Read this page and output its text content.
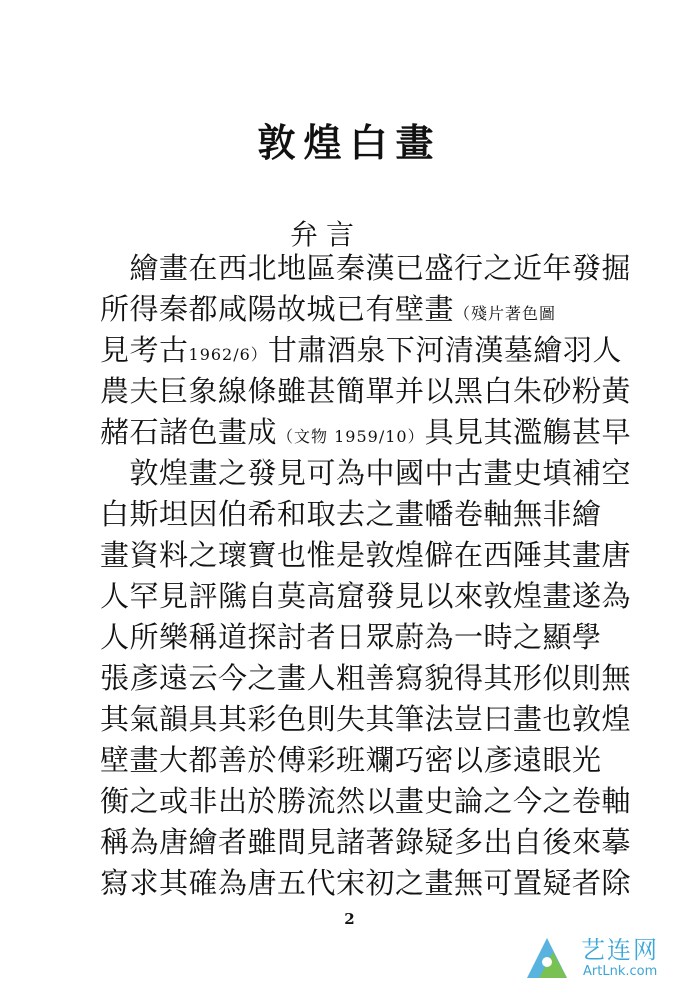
敦煌白畫
弁言
　繪畫在西北地區秦漢已盛行之近年發掘
所得秦都咸陽故城已有壁畫（殘片著色圖
見考古1962/6）甘肅酒泉下河清漢墓繪羽人
農夫巨象線條雖甚簡單并以黑白朱砂粉黃
赭石諸色畫成（文物 1959/10）具見其濫觴甚早
　敦煌畫之發見可為中國中古畫史填補空
白斯坦因伯希和取去之畫幡卷軸無非繪
畫資料之瓌寶也惟是敦煌僻在西陲其畫唐
人罕見評隲自莫高窟發見以來敦煌畫遂為
人所樂稱道探討者日眾蔚為一時之顯學
張彥遠云今之畫人粗善寫貌得其形似則無
其氣韻具其彩色則失其筆法豈曰畫也敦煌
壁畫大都善於傅彩班斕巧密以彥遠眼光
衡之或非出於勝流然以畫史論之今之卷軸
稱為唐繪者雖間見諸著錄疑多出自後來摹
寫求其確為唐五代宋初之畫無可置疑者除
2
艺连网
ArtLnk.com
